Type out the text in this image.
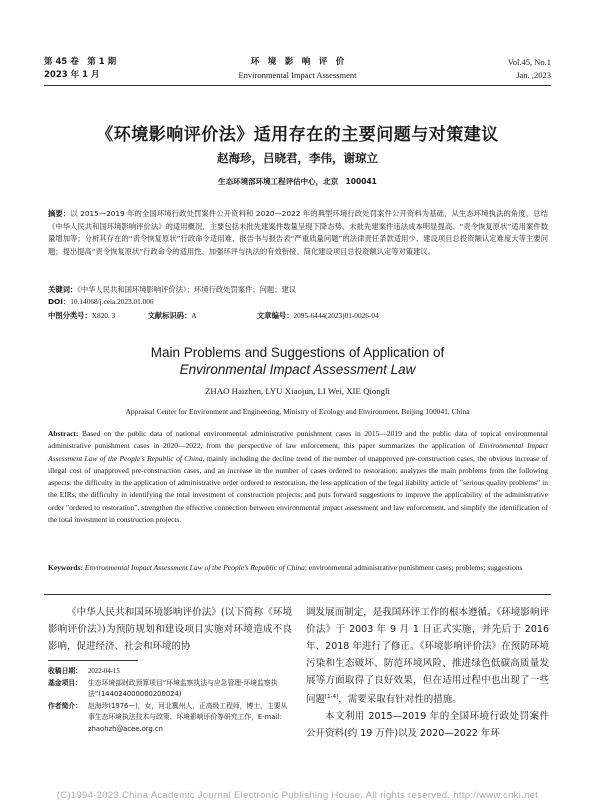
第 45 卷　第 1 期
2023 年 1 月
环　境　影　响　评　价
Environmental Impact Assessment
Vol.45, No.1
Jan. ,2023
《环境影响评价法》适用存在的主要问题与对策建议
赵海珍，吕晓君，李伟，谢琼立
生态环境部环境工程评估中心，北京　100041
摘要：以 2015—2019 年的全国环境行政处罚案件公开资料和 2020—2022 年的典型环境行政处罚案件公开资料为基础，从生态环境执法的角度，总结《中华人民共和国环境影响评价法》的适用概况，主要包括未批先建案件数量呈现下降态势、未批先建案件违法成本明显提高、“责令恢复原状”适用案件数量增加等；分析其存在的“责令恢复原状”行政命令适用难、报告书与报告表“严重质量问题”的法律责任条款适用少、建设项目总投资额认定难度大等主要问题；提出提高“责令恢复原状”行政命令的适用性、加强环评与执法的有效衔接、简化建设项目总投资额认定等对策建议。
关键词：《中华人民共和国环境影响评价法》；环境行政处罚案件；问题；建议
DOI：10.14068/j.ceia.2023.01.006
中图分类号：X820. 3	文献标识码：A	文章编号：2095-6444(2023)01-0026-04
Main Problems and Suggestions of Application of
Environmental Impact Assessment Law
ZHAO Haizhen, LYU Xiaojun, LI Wei, XIE Qiongli
Appraisal Center for Environment and Engineering, Ministry of Ecology and Environment, Beijing 100041, China
Abstract: Based on the public data of national environmental administrative punishment cases in 2015—2019 and the public data of topical environmental administrative punishment cases in 2020—2022, from the perspective of law enforcement, this paper summarizes the application of Environmental Impact Assessment Law of the People’s Republic of China, mainly including the decline trend of the number of unapproved pre-construction cases, the obvious increase of illegal cost of unapproved pre-construction cases, and an increase in the number of cases ordered to restoration; analyzes the main problems from the following aspects: the difficulty in the application of administrative order ordered to restoration, the less application of the legal liability article of "serious quality problems" in the EIRs, the difficulty in identifying the total investment of construction projects; and puts forward suggestions to improve the applicability of the administrative order "ordered to restoration", strengthen the effective connection between environmental impact assessment and law enforcement, and simplify the identification of the total investment in construction projects.
Keywords: Environmental Impact Assessment Law of the People’s Republic of China; environmental administrative punishment cases; problems; suggestions
《中华人民共和国环境影响评价法》(以下简称《环境影响评价法》)为预防规划和建设项目实施对环境造成不良影响，促进经济、社会和环境的协
收稿日期： 2022-04-15
基金项目： 生态环境部财政预算项目“环境监察执法与应急管理-环境监察执法”(144024000000200024)
作者简介： 赵海珍(1976—)，女，河北冀州人，正高级工程师，博士，主要从事生态环境执法技术与政策、环境影响评价等研究工作，E-mail：zhaohzh@acee.org.cn
调发展而制定，是我国环评工作的根本遵循。《环境影响评价法》于 2003 年 9 月 1 日正式实施，并先后于 2016 年、2018 年进行了修正。《环境影响评价法》在预防环境污染和生态破坏、防范环境风险、推进绿色低碳高质量发展等方面取得了良好效果，但在适用过程中也出现了一些问题[1-4]，需要采取有针对性的措施。
本文利用 2015—2019 年的全国环境行政处罚案件公开资料(约 19 万件)以及 2020—2022 年环
(C)1994-2023 China Academic Journal Electronic Publishing House. All rights reserved. http://www.cnki.net
